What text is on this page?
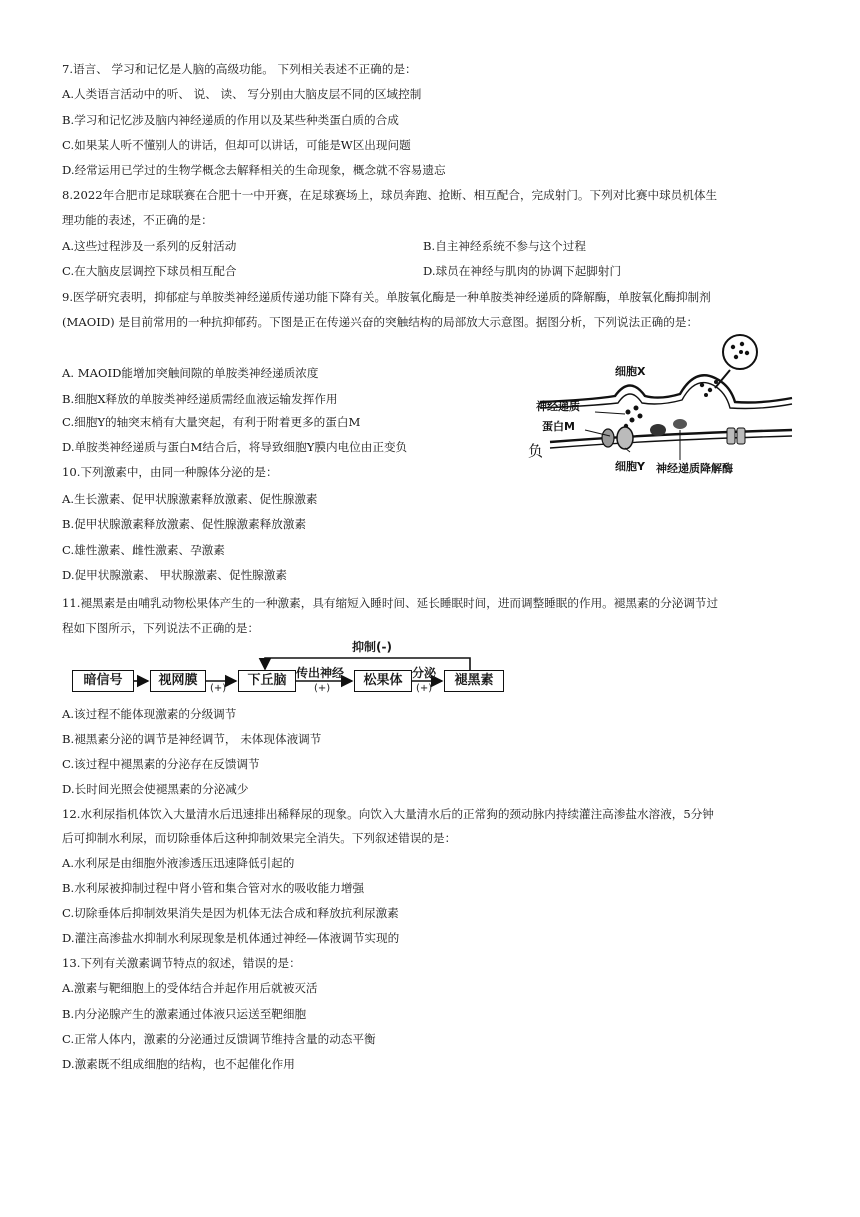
7.语言、 学习和记忆是人脑的高级功能。 下列相关表述不正确的是：
A.人类语言活动中的听、 说、 读、 写分别由大脑皮层不同的区域控制
B.学习和记忆涉及脑内神经递质的作用以及某些种类蛋白质的合成
C.如果某人听不懂别人的讲话，但却可以讲话，可能是W区出现问题
D.经常运用已学过的生物学概念去解释相关的生命现象，概念就不容易遗忘
8.2022年合肥市足球联赛在合肥十一中开赛，在足球赛场上，球员奔跑、抢断、相互配合，完成射门。下列对比赛中球员机体生
理功能的表述，不正确的是：
A.这些过程涉及一系列的反射活动	B.自主神经系统不参与这个过程
C.在大脑皮层调控下球员相互配合	D.球员在神经与肌肉的协调下起脚射门
9.医学研究表明，抑郁症与单胺类神经递质传递功能下降有关。单胺氧化酶是一种单胺类神经递质的降解酶，单胺氧化酶抑制剂
(MAOID) 是目前常用的一种抗抑郁药。下图是正在传递兴奋的突触结构的局部放大示意图。据图分析，下列说法正确的是：
A. MAOID能增加突触间隙的单胺类神经递质浓度
B.细胞X释放的单胺类神经递质需经血液运输发挥作用
C.细胞Y的轴突末梢有大量突起，有利于附着更多的蛋白M
D.单胺类神经递质与蛋白M结合后，将导致细胞Y膜内电位由正变负
细胞X
神经递质
蛋白M
细胞Y 神经递质降解酶
负
10.下列激素中，由同一种腺体分泌的是：
A.生长激素、促甲状腺激素释放激素、促性腺激素
B.促甲状腺激素释放激素、促性腺激素释放激素
C.雄性激素、雌性激素、孕激素
D.促甲状腺激素、 甲状腺激素、促性腺激素
11.褪黑素是由哺乳动物松果体产生的一种激素，具有缩短入睡时间、延长睡眠时间，进而调整睡眠的作用。褪黑素的分泌调节过
程如下图所示，下列说法不正确的是：
暗信号	视网膜	下丘脑	松果体	褪黑素
传出神经	分泌
抑制(-)
(+)	(+)	(+)
A.该过程不能体现激素的分级调节
B.褪黑素分泌的调节是神经调节， 未体现体液调节
C.该过程中褪黑素的分泌存在反馈调节
D.长时间光照会使褪黑素的分泌减少
12.水利尿指机体饮入大量清水后迅速排出稀释尿的现象。向饮入大量清水后的正常狗的颈动脉内持续灌注高渗盐水溶液，5分钟
后可抑制水利尿，而切除垂体后这种抑制效果完全消失。下列叙述错误的是：
A.水利尿是由细胞外液渗透压迅速降低引起的
B.水利尿被抑制过程中肾小管和集合管对水的吸收能力增强
C.切除垂体后抑制效果消失是因为机体无法合成和释放抗利尿激素
D.灌注高渗盐水抑制水利尿现象是机体通过神经—体液调节实现的
13.下列有关激素调节特点的叙述，错误的是：
A.激素与靶细胞上的受体结合并起作用后就被灭活
B.内分泌腺产生的激素通过体液只运送至靶细胞
C.正常人体内，激素的分泌通过反馈调节维持含量的动态平衡
D.激素既不组成细胞的结构，也不起催化作用
